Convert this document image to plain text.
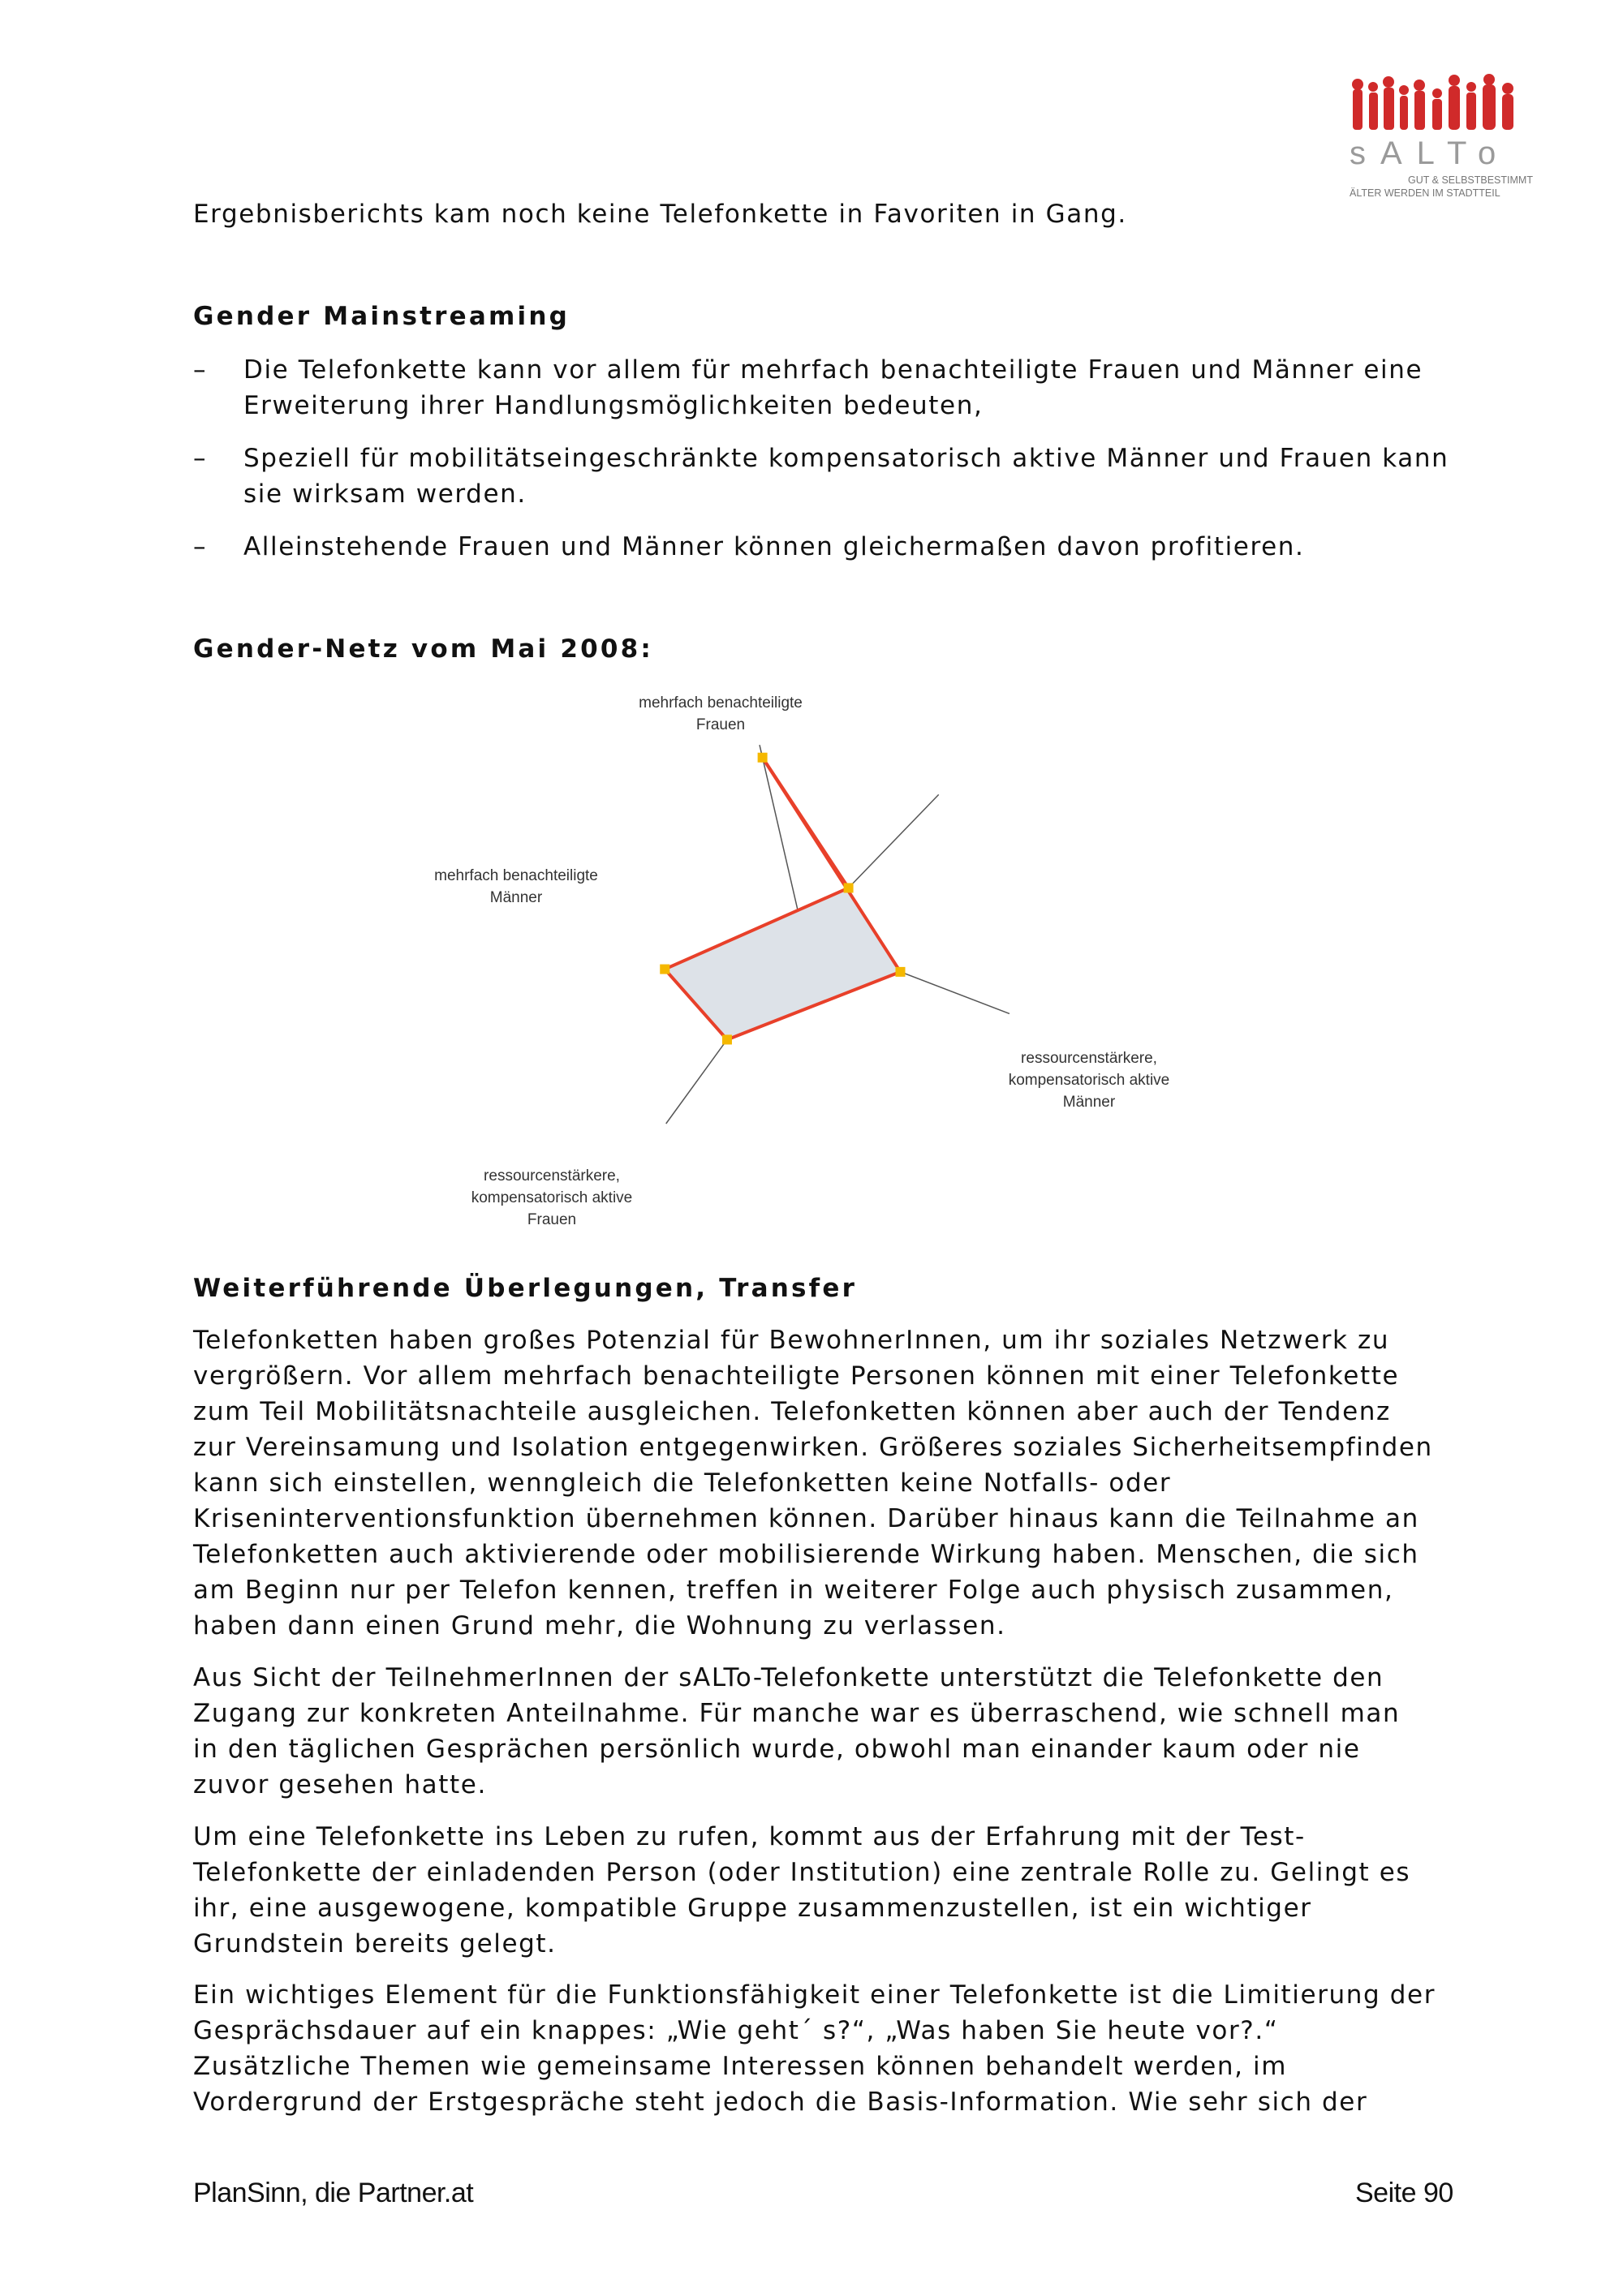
sALTo
GUT & SELBSTBESTIMMT
ÄLTER WERDEN IM STADTTEIL

Ergebnisberichts kam noch keine Telefonkette in Favoriten in Gang.

Gender Mainstreaming
–	Die Telefonkette kann vor allem für mehrfach benachteiligte Frauen und Männer eine Erweiterung ihrer Handlungsmöglichkeiten bedeuten,
–	Speziell für mobilitätseingeschränkte kompensatorisch aktive Männer und Frauen kann sie wirksam werden.
–	Alleinstehende Frauen und Männer können gleichermaßen davon profitieren.
Gender-Netz vom Mai 2008:
mehrfach benachteiligte Frauen
ressourcenstärkere, kompensatorisch aktive Männer
ressourcenstärkere, kompensatorisch aktive Frauen
mehrfach benachteiligte Männer
Weiterführende Überlegungen, Transfer
Telefonketten haben großes Potenzial für BewohnerInnen, um ihr soziales Netzwerk zu
vergrößern. Vor allem mehrfach benachteiligte Personen können mit einer Telefonkette
zum Teil Mobilitätsnachteile ausgleichen. Telefonketten können aber auch der Tendenz
zur Vereinsamung und Isolation entgegenwirken. Größeres soziales Sicherheitsempfinden
kann sich einstellen, wenngleich die Telefonketten keine Notfalls- oder
Kriseninterventionsfunktion übernehmen können. Darüber hinaus kann die Teilnahme an
Telefonketten auch aktivierende oder mobilisierende Wirkung haben. Menschen, die sich
am Beginn nur per Telefon kennen, treffen in weiterer Folge auch physisch zusammen,
haben dann einen Grund mehr, die Wohnung zu verlassen.
Aus Sicht der TeilnehmerInnen der sALTo-Telefonkette unterstützt die Telefonkette den
Zugang zur konkreten Anteilnahme. Für manche war es überraschend, wie schnell man
in den täglichen Gesprächen persönlich wurde, obwohl man einander kaum oder nie
zuvor gesehen hatte.
Um eine Telefonkette ins Leben zu rufen, kommt aus der Erfahrung mit der Test-
Telefonkette der einladenden Person (oder Institution) eine zentrale Rolle zu. Gelingt es
ihr, eine ausgewogene, kompatible Gruppe zusammenzustellen, ist ein wichtiger
Grundstein bereits gelegt.
Ein wichtiges Element für die Funktionsfähigkeit einer Telefonkette ist die Limitierung der
Gesprächsdauer auf ein knappes: „Wie geht´ s?“, „Was haben Sie heute vor?.“
Zusätzliche Themen wie gemeinsame Interessen können behandelt werden, im
Vordergrund der Erstgespräche steht jedoch die Basis-Information. Wie sehr sich der
PlanSinn, die Partner.at	Seite 90
